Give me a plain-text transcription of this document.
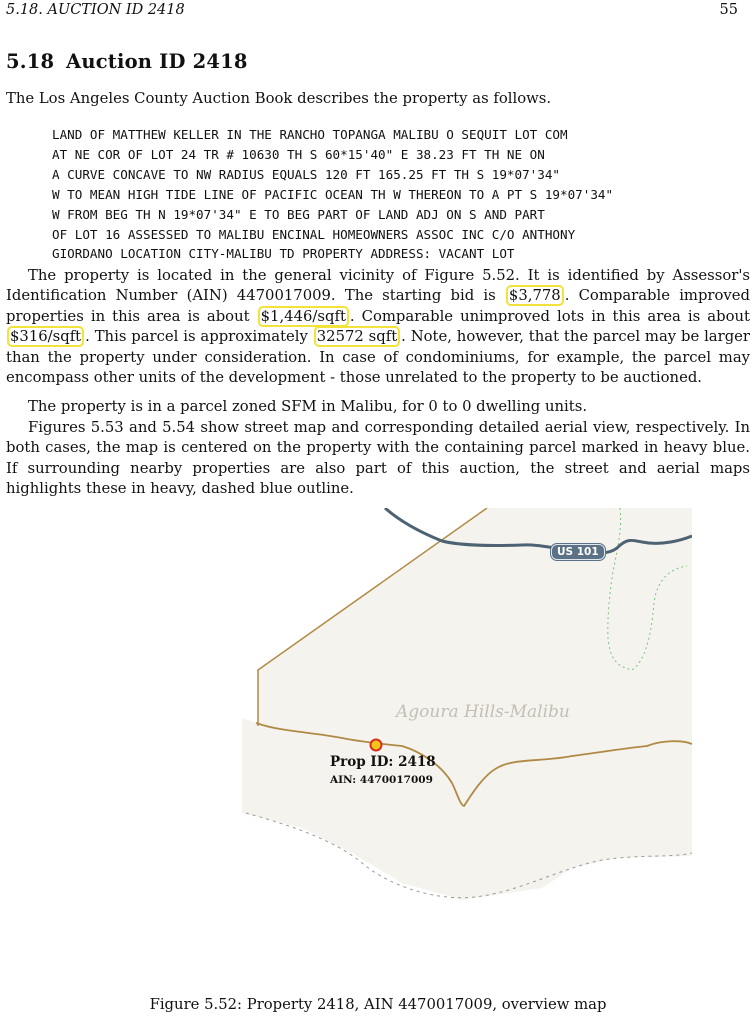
5.18. AUCTION ID 2418	55
5.18 Auction ID 2418

The Los Angeles County Auction Book describes the property as follows.

LAND OF MATTHEW KELLER IN THE RANCHO TOPANGA MALIBU O SEQUIT LOT COM
AT NE COR OF LOT 24 TR # 10630 TH S 60*15'40" E 38.23 FT TH NE ON
A CURVE CONCAVE TO NW RADIUS EQUALS 120 FT 165.25 FT TH S 19*07'34"
W TO MEAN HIGH TIDE LINE OF PACIFIC OCEAN TH W THEREON TO A PT S 19*07'34"
W FROM BEG TH N 19*07'34" E TO BEG PART OF LAND ADJ ON S AND PART
OF LOT 16 ASSESSED TO MALIBU ENCINAL HOMEOWNERS ASSOC INC C/O ANTHONY
GIORDANO LOCATION CITY-MALIBU TD PROPERTY ADDRESS: VACANT LOT

The property is located in the general vicinity of Figure 5.52. It is identified by Assessor's Identification Number (AIN) 4470017009. The starting bid is $3,778 . Comparable improved properties in this area is about $1,446/sqft . Comparable unimproved lots in this area is about $316/sqft . This parcel is approximately 32572 sqft . Note, however, that the parcel may be larger than the property under consideration. In case of condominiums, for example, the parcel may encompass other units of the development - those unrelated to the property to be auctioned.

The property is in a parcel zoned SFM in Malibu, for 0 to 0 dwelling units.

Figures 5.53 and 5.54 show street map and corresponding detailed aerial view, respectively. In both cases, the map is centered on the property with the containing parcel marked in heavy blue. If surrounding nearby properties are also part of this auction, the street and aerial maps highlights these in heavy, dashed blue outline.

US 101
Agoura Hills-Malibu
Prop ID: 2418
AIN: 4470017009
Figure 5.52: Property 2418, AIN 4470017009, overview map
